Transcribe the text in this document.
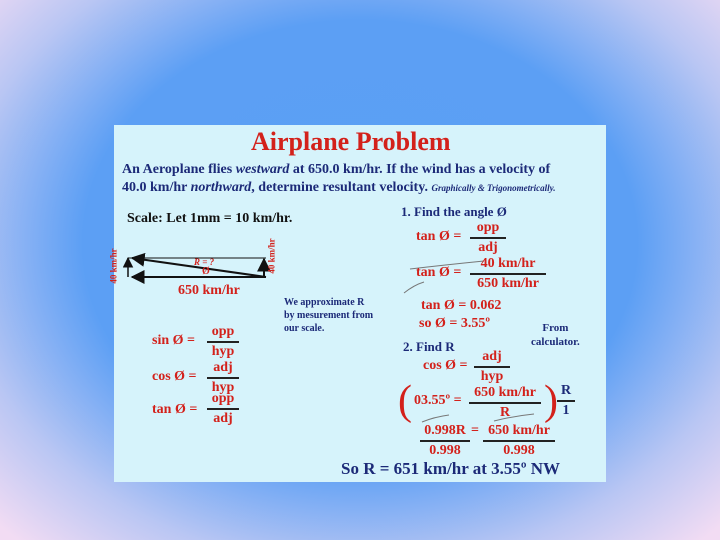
Airplane Problem
An Aeroplane flies westward at 650.0 km/hr. If the wind has a velocity of
40.0 km/hr northward, determine resultant velocity. Graphically & Trigonometrically.
Scale: Let 1mm = 10 km/hr.
40 km/hr	40 km/hr
R = ?
Ø
650 km/hr
We approximate R
by mesurement from
our scale.
sin Ø =
opp
hyp
cos Ø =
adj
hyp
tan Ø =
opp
adj
1. Find the angle Ø
tan Ø =
opp
adj
tan Ø = $\frac{40 km/hr}{650 km/hr}$
tan Ø = 0.062
so Ø = 3.55º	From
calculator.
2. Find R
cos Ø =
adj
hyp
( 03.55º = $\frac{650 km/hr}{R}$ ) $\frac{R}{1}$
$\frac{0.998R}{0.998} = \frac{650 km/hr}{0.998}$
So R = 651 km/hr at 3.55º NW
